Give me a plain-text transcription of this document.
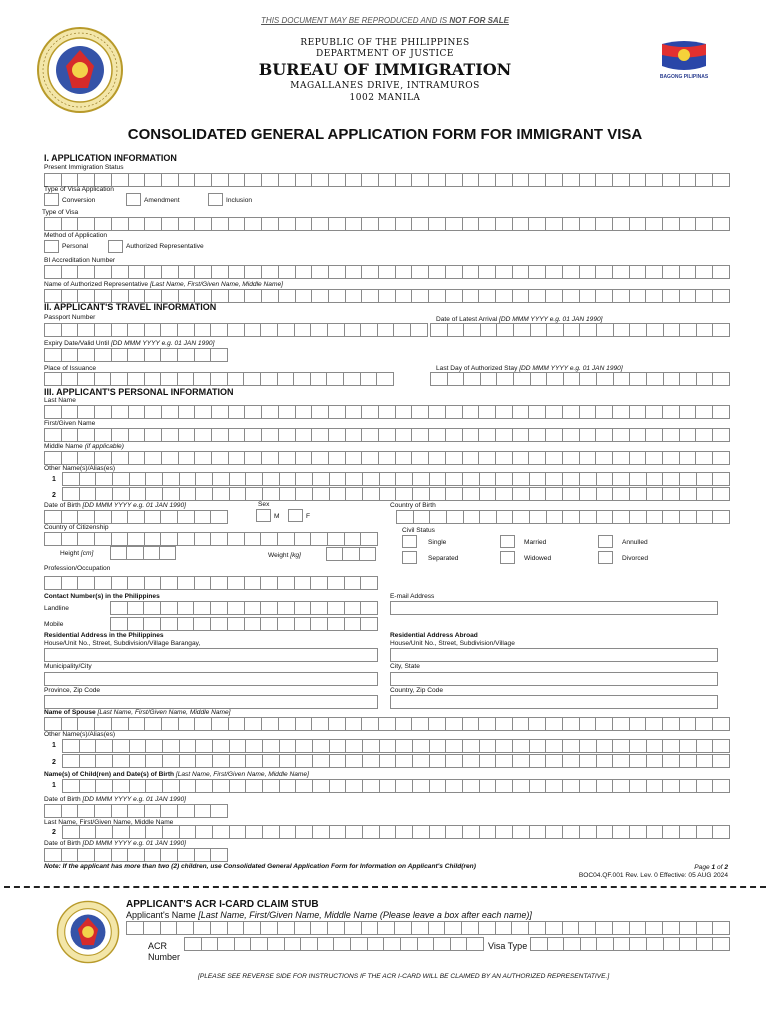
THIS DOCUMENT MAY BE REPRODUCED AND IS NOT FOR SALE
REPUBLIC OF THE PHILIPPINES
DEPARTMENT OF JUSTICE
BUREAU OF IMMIGRATION
MAGALLANES DRIVE, INTRAMUROS
1002 MANILA
BAGONG PILIPINAS
CONSOLIDATED GENERAL APPLICATION FORM FOR IMMIGRANT VISA
I. APPLICATION INFORMATION
Present Immigration Status
Type of Visa Application
Conversion	Amendment	Inclusion
Type of Visa
Method of Application
Personal	Authorized Representative
BI Accreditation Number
Name of Authorized Representative [Last Name, First/Given Name, Middle Name]
II. APPLICANT'S TRAVEL INFORMATION
Passport Number	Date of Latest Arrival [DD MMM YYYY e.g. 01 JAN 1990]
Expiry Date/Valid Until [DD MMM YYYY e.g. 01 JAN 1990]
Place of Issuance	Last Day of Authorized Stay [DD MMM YYYY e.g. 01 JAN 1990]
III. APPLICANT'S PERSONAL INFORMATION
Last Name
First/Given Name
Middle Name (if applicable)
Other Name(s)/Alias(es)
1
2
Date of Birth [DD MMM YYYY e.g. 01 JAN 1990]	Sex	Country of Birth
M	F
Country of Citizenship	Civil Status
Single	Married	Annulled
Separated	Widowed	Divorced
Height [cm]	Weight [kg]
Profession/Occupation
Contact Number(s) in the Philippines	E-mail Address
Landline
Mobile
Residential Address in the Philippines
House/Unit No., Street, Subdivision/Village Barangay,
Residential Address Abroad
House/Unit No., Street, Subdivision/Village
Municipality/City	City, State
Province, Zip Code	Country, Zip Code
Name of Spouse [Last Name, First/Given Name, Middle Name]
Other Name(s)/Alias(es)
1
2
Name(s) of Child(ren) and Date(s) of Birth [Last Name, First/Given Name, Middle Name]
1
Date of Birth [DD MMM YYYY e.g. 01 JAN 1990]
Last Name, First/Given Name, Middle Name
2
Date of Birth [DD MMM YYYY e.g. 01 JAN 1990]
Note: If the applicant has more than two (2) children, use Consolidated General Application Form for Information on Applicant's Child(ren)	Page 1 of 2
BOC04.QF.001 Rev. Lev. 0 Effective: 05 AUG 2024
APPLICANT'S ACR I-CARD CLAIM STUB
Applicant's Name [Last Name, First/Given Name, Middle Name (Please leave a box after each name)]
ACR
Number
Visa Type
[PLEASE SEE REVERSE SIDE FOR INSTRUCTIONS IF THE ACR I-CARD WILL BE CLAIMED BY AN AUTHORIZED REPRESENTATIVE.]
